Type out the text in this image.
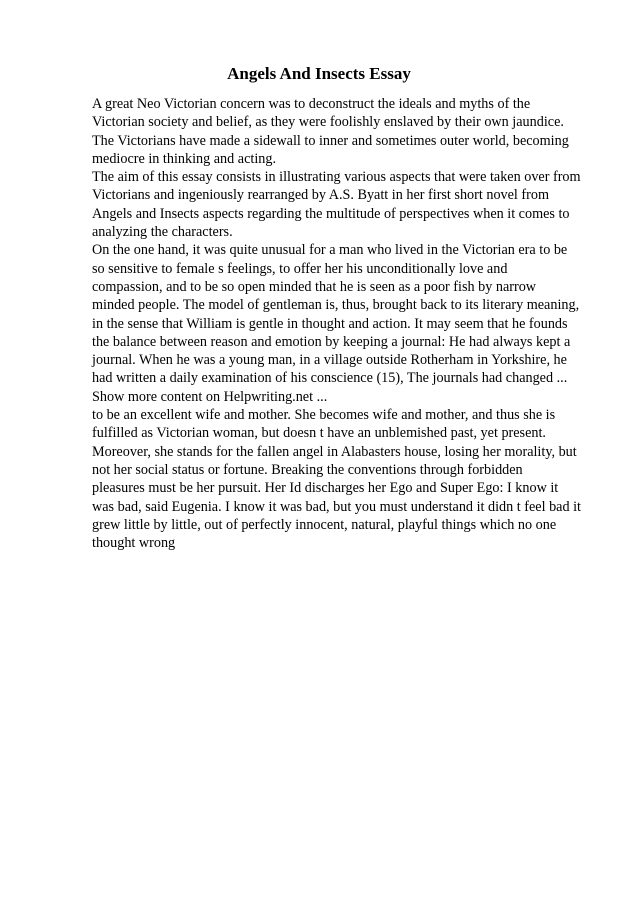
Angels And Insects Essay
A great Neo Victorian concern was to deconstruct the ideals and myths of the
Victorian society and belief, as they were foolishly enslaved by their own jaundice.
The Victorians have made a sidewall to inner and sometimes outer world, becoming
mediocre in thinking and acting.
The aim of this essay consists in illustrating various aspects that were taken over from
Victorians and ingeniously rearranged by A.S. Byatt in her first short novel from
Angels and Insects aspects regarding the multitude of perspectives when it comes to
analyzing the characters.
On the one hand, it was quite unusual for a man who lived in the Victorian era to be
so sensitive to female s feelings, to offer her his unconditionally love and
compassion, and to be so open minded that he is seen as a poor fish by narrow
minded people. The model of gentleman is, thus, brought back to its literary meaning,
in the sense that William is gentle in thought and action. It may seem that he founds
the balance between reason and emotion by keeping a journal: He had always kept a
journal. When he was a young man, in a village outside Rotherham in Yorkshire, he
had written a daily examination of his conscience (15), The journals had changed ...
Show more content on Helpwriting.net ...
to be an excellent wife and mother. She becomes wife and mother, and thus she is
fulfilled as Victorian woman, but doesn t have an unblemished past, yet present.
Moreover, she stands for the fallen angel in Alabasters house, losing her morality, but
not her social status or fortune. Breaking the conventions through forbidden
pleasures must be her pursuit. Her Id discharges her Ego and Super Ego: I know it
was bad, said Eugenia. I know it was bad, but you must understand it didn t feel bad it
grew little by little, out of perfectly innocent, natural, playful things which no one
thought wrong
